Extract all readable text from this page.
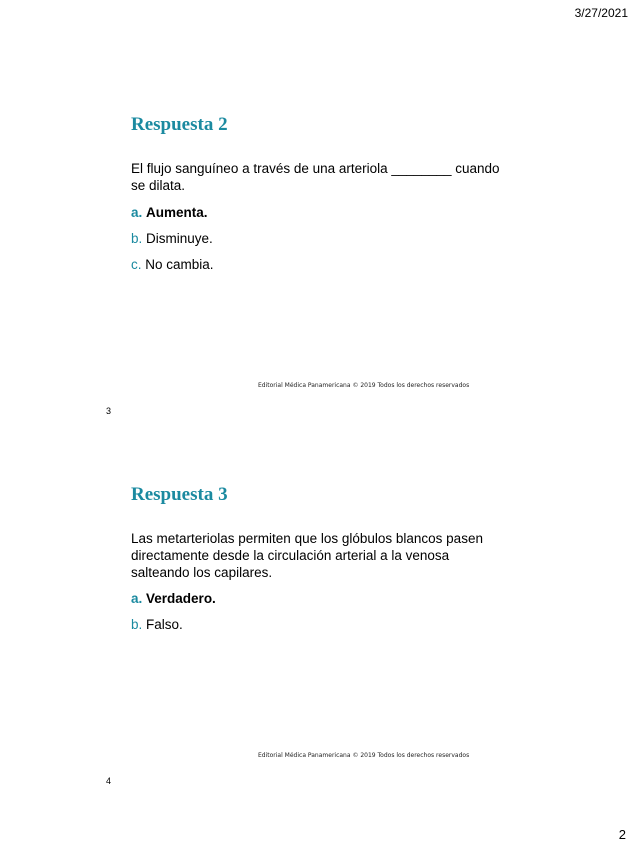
3/27/2021
Respuesta 2
El flujo sanguíneo a través de una arteriola ________ cuando se dilata.
a. Aumenta.
b. Disminuye.
c. No cambia.
Editorial Médica Panamericana © 2019 Todos los derechos reservados
3
Respuesta 3
Las metarteriolas permiten que los glóbulos blancos pasen directamente desde la circulación arterial a la venosa salteando los capilares.
a. Verdadero.
b. Falso.
Editorial Médica Panamericana © 2019 Todos los derechos reservados
4
2
